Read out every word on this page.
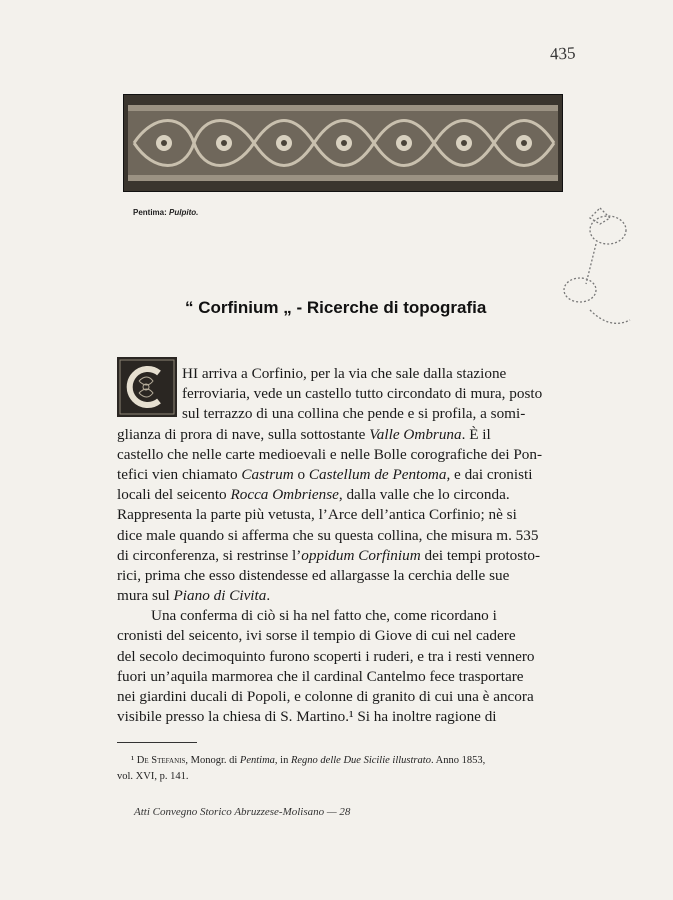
435
Pentima: Pulpito.
“ Corfinium „ - Ricerche di topografia
HI arriva a Corfinio, per la via che sale dalla stazione
ferroviaria, vede un castello tutto circondato di mura, posto
sul terrazzo di una collina che pende e si profila, a somi-
glianza di prora di nave, sulla sottostante Valle Ombruna. È il
castello che nelle carte medioevali e nelle Bolle corografiche dei Pon-
tefici vien chiamato Castrum o Castellum de Pentoma, e dai cronisti
locali del seicento Rocca Ombriense, dalla valle che lo circonda.
Rappresenta la parte più vetusta, l’Arce dell’antica Corfinio; nè si
dice male quando si afferma che su questa collina, che misura m. 535
di circonferenza, si restrinse l’oppidum Corfinium dei tempi protosto-
rici, prima che esso distendesse ed allargasse la cerchia delle sue
mura sul Piano di Civita.
Una conferma di ciò si ha nel fatto che, come ricordano i
cronisti del seicento, ivi sorse il tempio di Giove di cui nel cadere
del secolo decimoquinto furono scoperti i ruderi, e tra i resti vennero
fuori un’aquila marmorea che il cardinal Cantelmo fece trasportare
nei giardini ducali di Popoli, e colonne di granito di cui una è ancora
visibile presso la chiesa di S. Martino.¹ Si ha inoltre ragione di
¹ De Stefanis, Monogr. di Pentima, in Regno delle Due Sicilie illustrato. Anno 1853,
vol. XVI, p. 141.
Atti Convegno Storico Abruzzese-Molisano — 28
